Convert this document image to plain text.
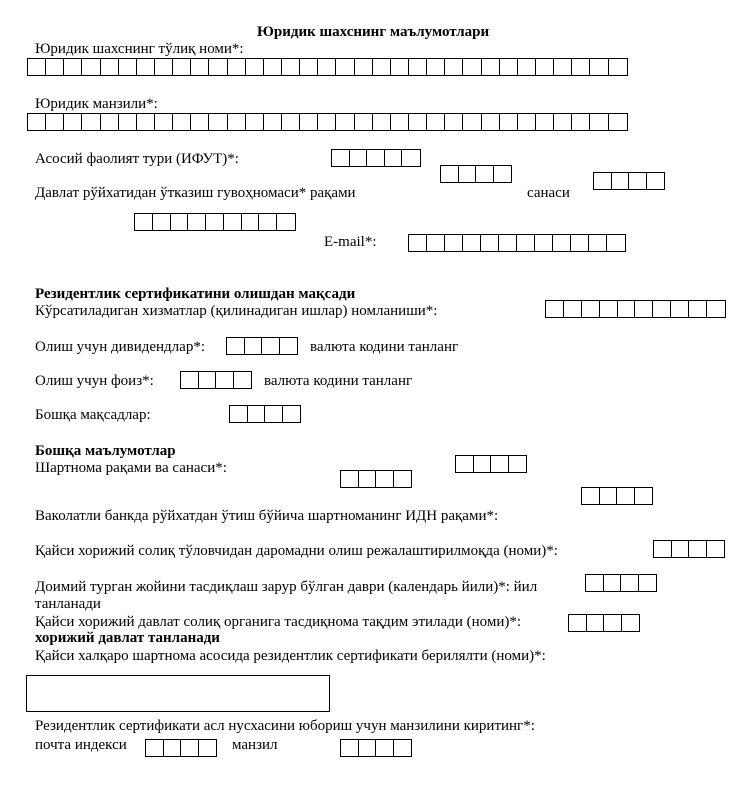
Юридик шахснинг маълумотлари
Юридик шахснинг тўлиқ номи*:
Юридик манзили*:
Асосий фаолият тури (ИФУТ)*:
Давлат рўйхатидан ўтказиш гувоҳномаси* рақами	санаси
E-mail*:
Резидентлик сертификатини олишдан мақсади
Кўрсатиладиган хизматлар (қилинадиган ишлар) номланиши*:
Олиш учун дивидендлар*:	валюта кодини танланг
Олиш учун фоиз*:	валюта кодини танланг
Бошқа мақсадлар:
Бошқа маълумотлар
Шартнома рақами ва санаси*:
Ваколатли банкда рўйхатдан ўтиш бўйича шартноманинг ИДН рақами*:
Қайси хорижий солиқ тўловчидан даромадни олиш режалаштирилмоқда (номи)*:
Доимий турган жойини тасдиқлаш зарур бўлган даври (календарь йили)*: йил
танланади
Қайси хорижий давлат солиқ органига тасдиқнома тақдим этилади (номи)*:
хорижий давлат танланади
Қайси халқаро шартнома асосида резидентлик сертификати берилялти (номи)*:
Резидентлик сертификати асл нусхасини юбориш учун манзилини киритинг*:
почта индекси	манзил
